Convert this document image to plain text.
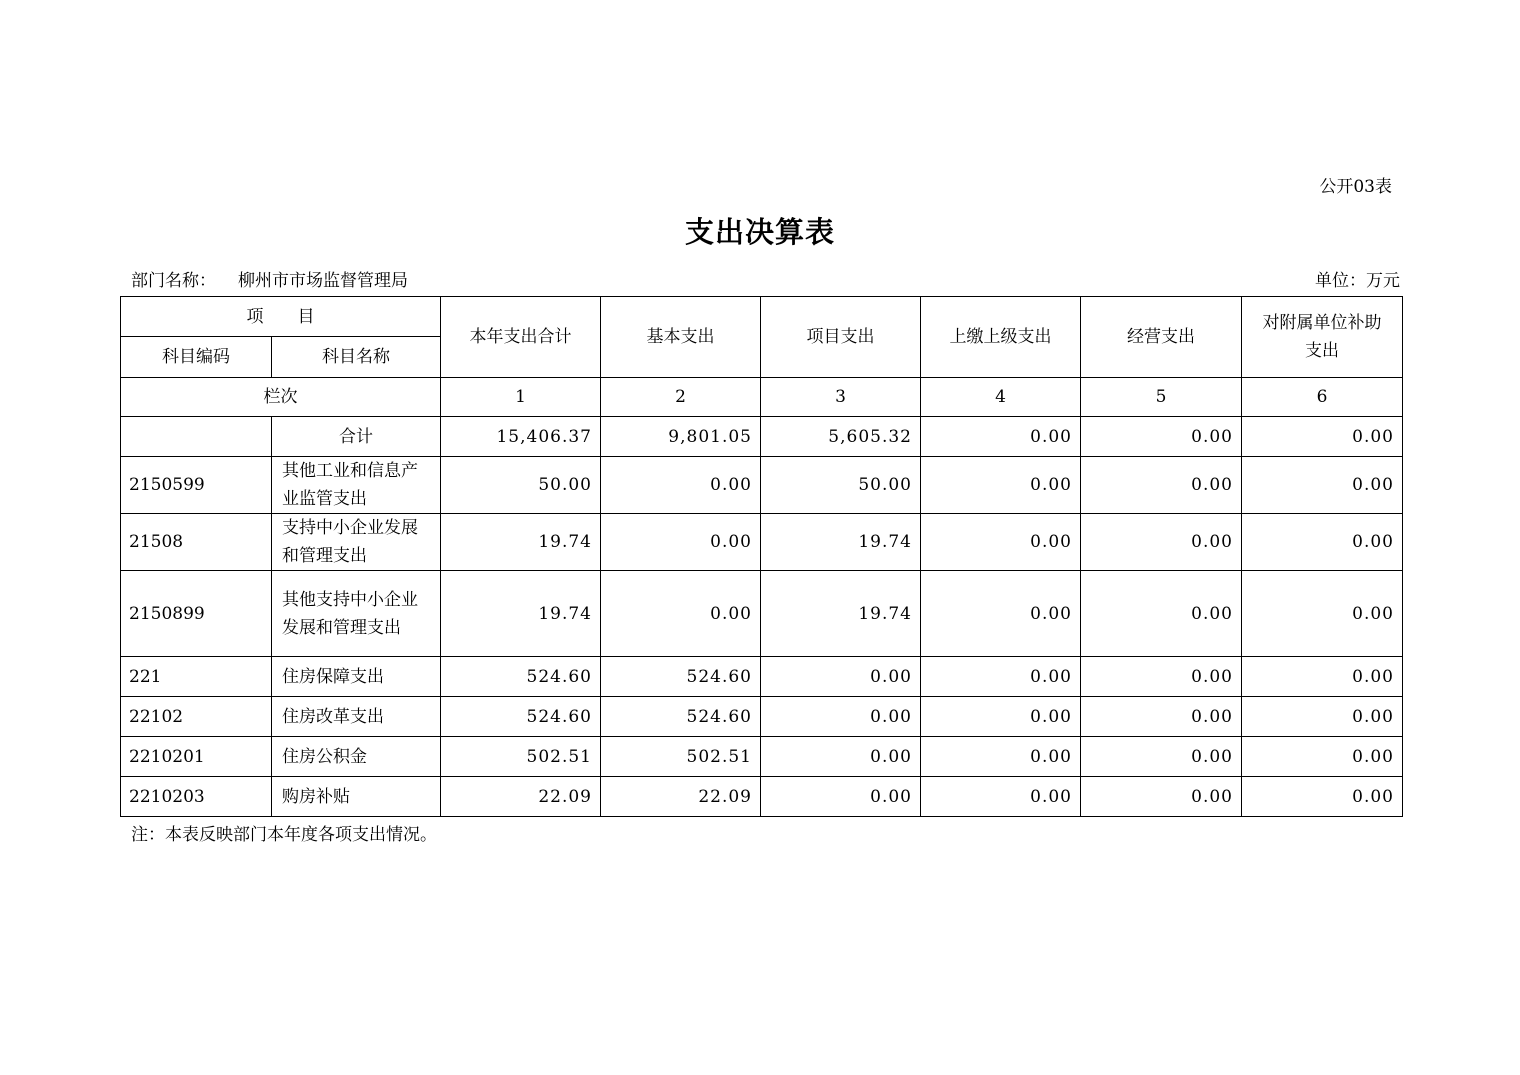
公开03表
支出决算表
部门名称： 柳州市市场监督管理局	单位：万元
项　　目		本年支出合计	基本支出	项目支出	上缴上级支出	经营支出	对附属单位补助支出
科目编码	科目名称						
栏次		1	2	3	4	5	6
	合计	15,406.37	9,801.05	5,605.32	0.00	0.00	0.00
2150599	其他工业和信息产业监管支出	50.00	0.00	50.00	0.00	0.00	0.00
21508	支持中小企业发展和管理支出	19.74	0.00	19.74	0.00	0.00	0.00
2150899	其他支持中小企业发展和管理支出	19.74	0.00	19.74	0.00	0.00	0.00
221	住房保障支出	524.60	524.60	0.00	0.00	0.00	0.00
22102	住房改革支出	524.60	524.60	0.00	0.00	0.00	0.00
2210201	住房公积金	502.51	502.51	0.00	0.00	0.00	0.00
2210203	购房补贴	22.09	22.09	0.00	0.00	0.00	0.00
注：本表反映部门本年度各项支出情况。
